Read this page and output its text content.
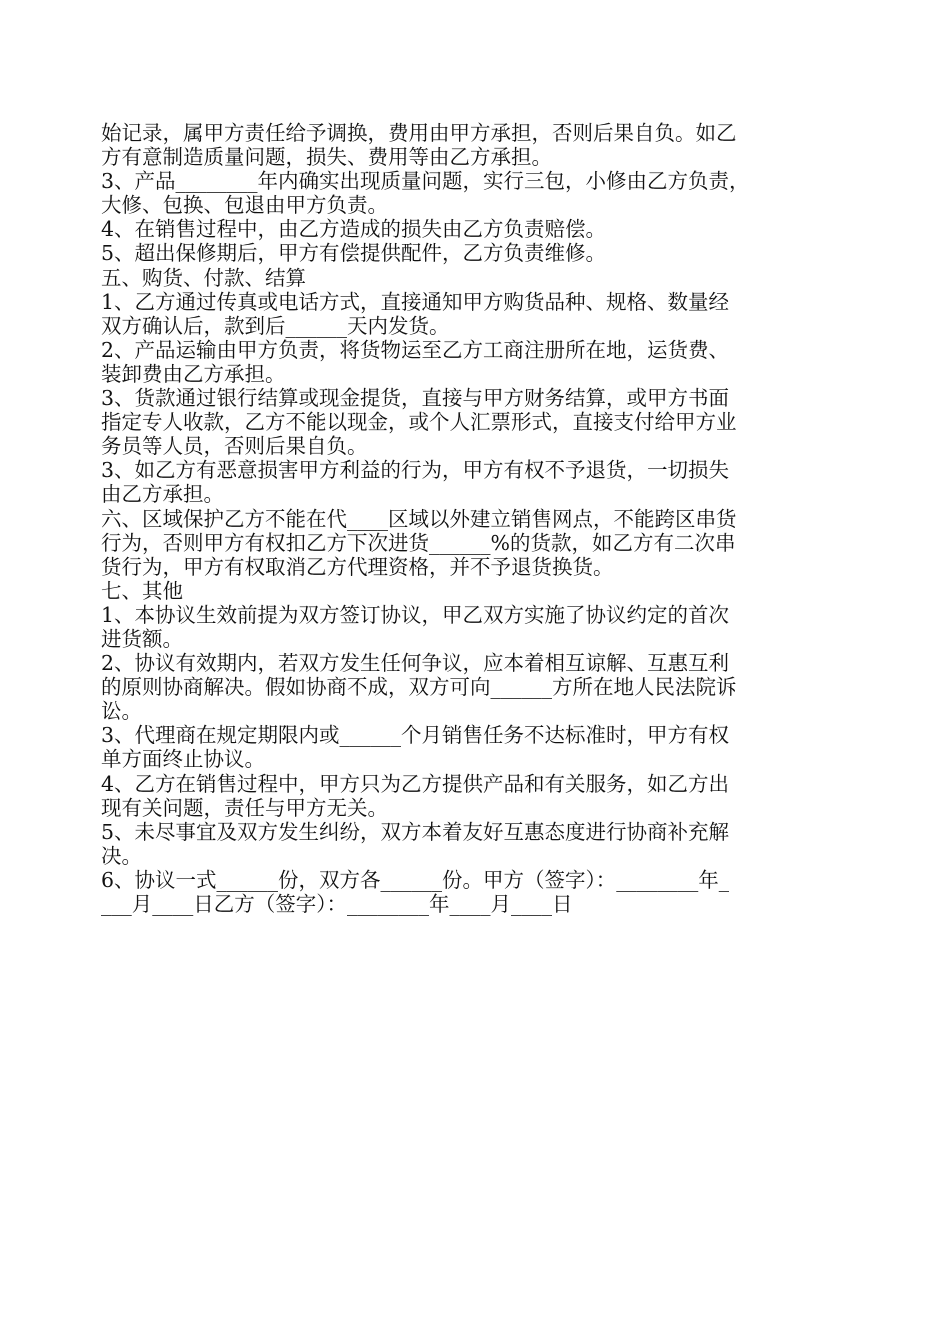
始记录，属甲方责任给予调换，费用由甲方承担，否则后果自负。如乙
方有意制造质量问题，损失、费用等由乙方承担。
3、产品________年内确实出现质量问题，实行三包，小修由乙方负责，
大修、包换、包退由甲方负责。
4、在销售过程中，由乙方造成的损失由乙方负责赔偿。
5、超出保修期后，甲方有偿提供配件，乙方负责维修。
五、购货、付款、结算
1、乙方通过传真或电话方式，直接通知甲方购货品种、规格、数量经
双方确认后，款到后______天内发货。
2、产品运输由甲方负责，将货物运至乙方工商注册所在地，运货费、
装卸费由乙方承担。
3、货款通过银行结算或现金提货，直接与甲方财务结算，或甲方书面
指定专人收款，乙方不能以现金，或个人汇票形式，直接支付给甲方业
务员等人员，否则后果自负。
3、如乙方有恶意损害甲方利益的行为，甲方有权不予退货，一切损失
由乙方承担。
六、区域保护乙方不能在代____区域以外建立销售网点，不能跨区串货
行为，否则甲方有权扣乙方下次进货______%的货款，如乙方有二次串
货行为，甲方有权取消乙方代理资格，并不予退货换货。
七、其他
1、本协议生效前提为双方签订协议，甲乙双方实施了协议约定的首次
进货额。
2、协议有效期内，若双方发生任何争议，应本着相互谅解、互惠互利
的原则协商解决。假如协商不成，双方可向______方所在地人民法院诉
讼。
3、代理商在规定期限内或______个月销售任务不达标准时，甲方有权
单方面终止协议。
4、乙方在销售过程中，甲方只为乙方提供产品和有关服务，如乙方出
现有关问题，责任与甲方无关。
5、未尽事宜及双方发生纠纷，双方本着友好互惠态度进行协商补充解
决。
6、协议一式______份，双方各______份。甲方（签字）：________年_
___月____日乙方（签字）：________年____月____日
